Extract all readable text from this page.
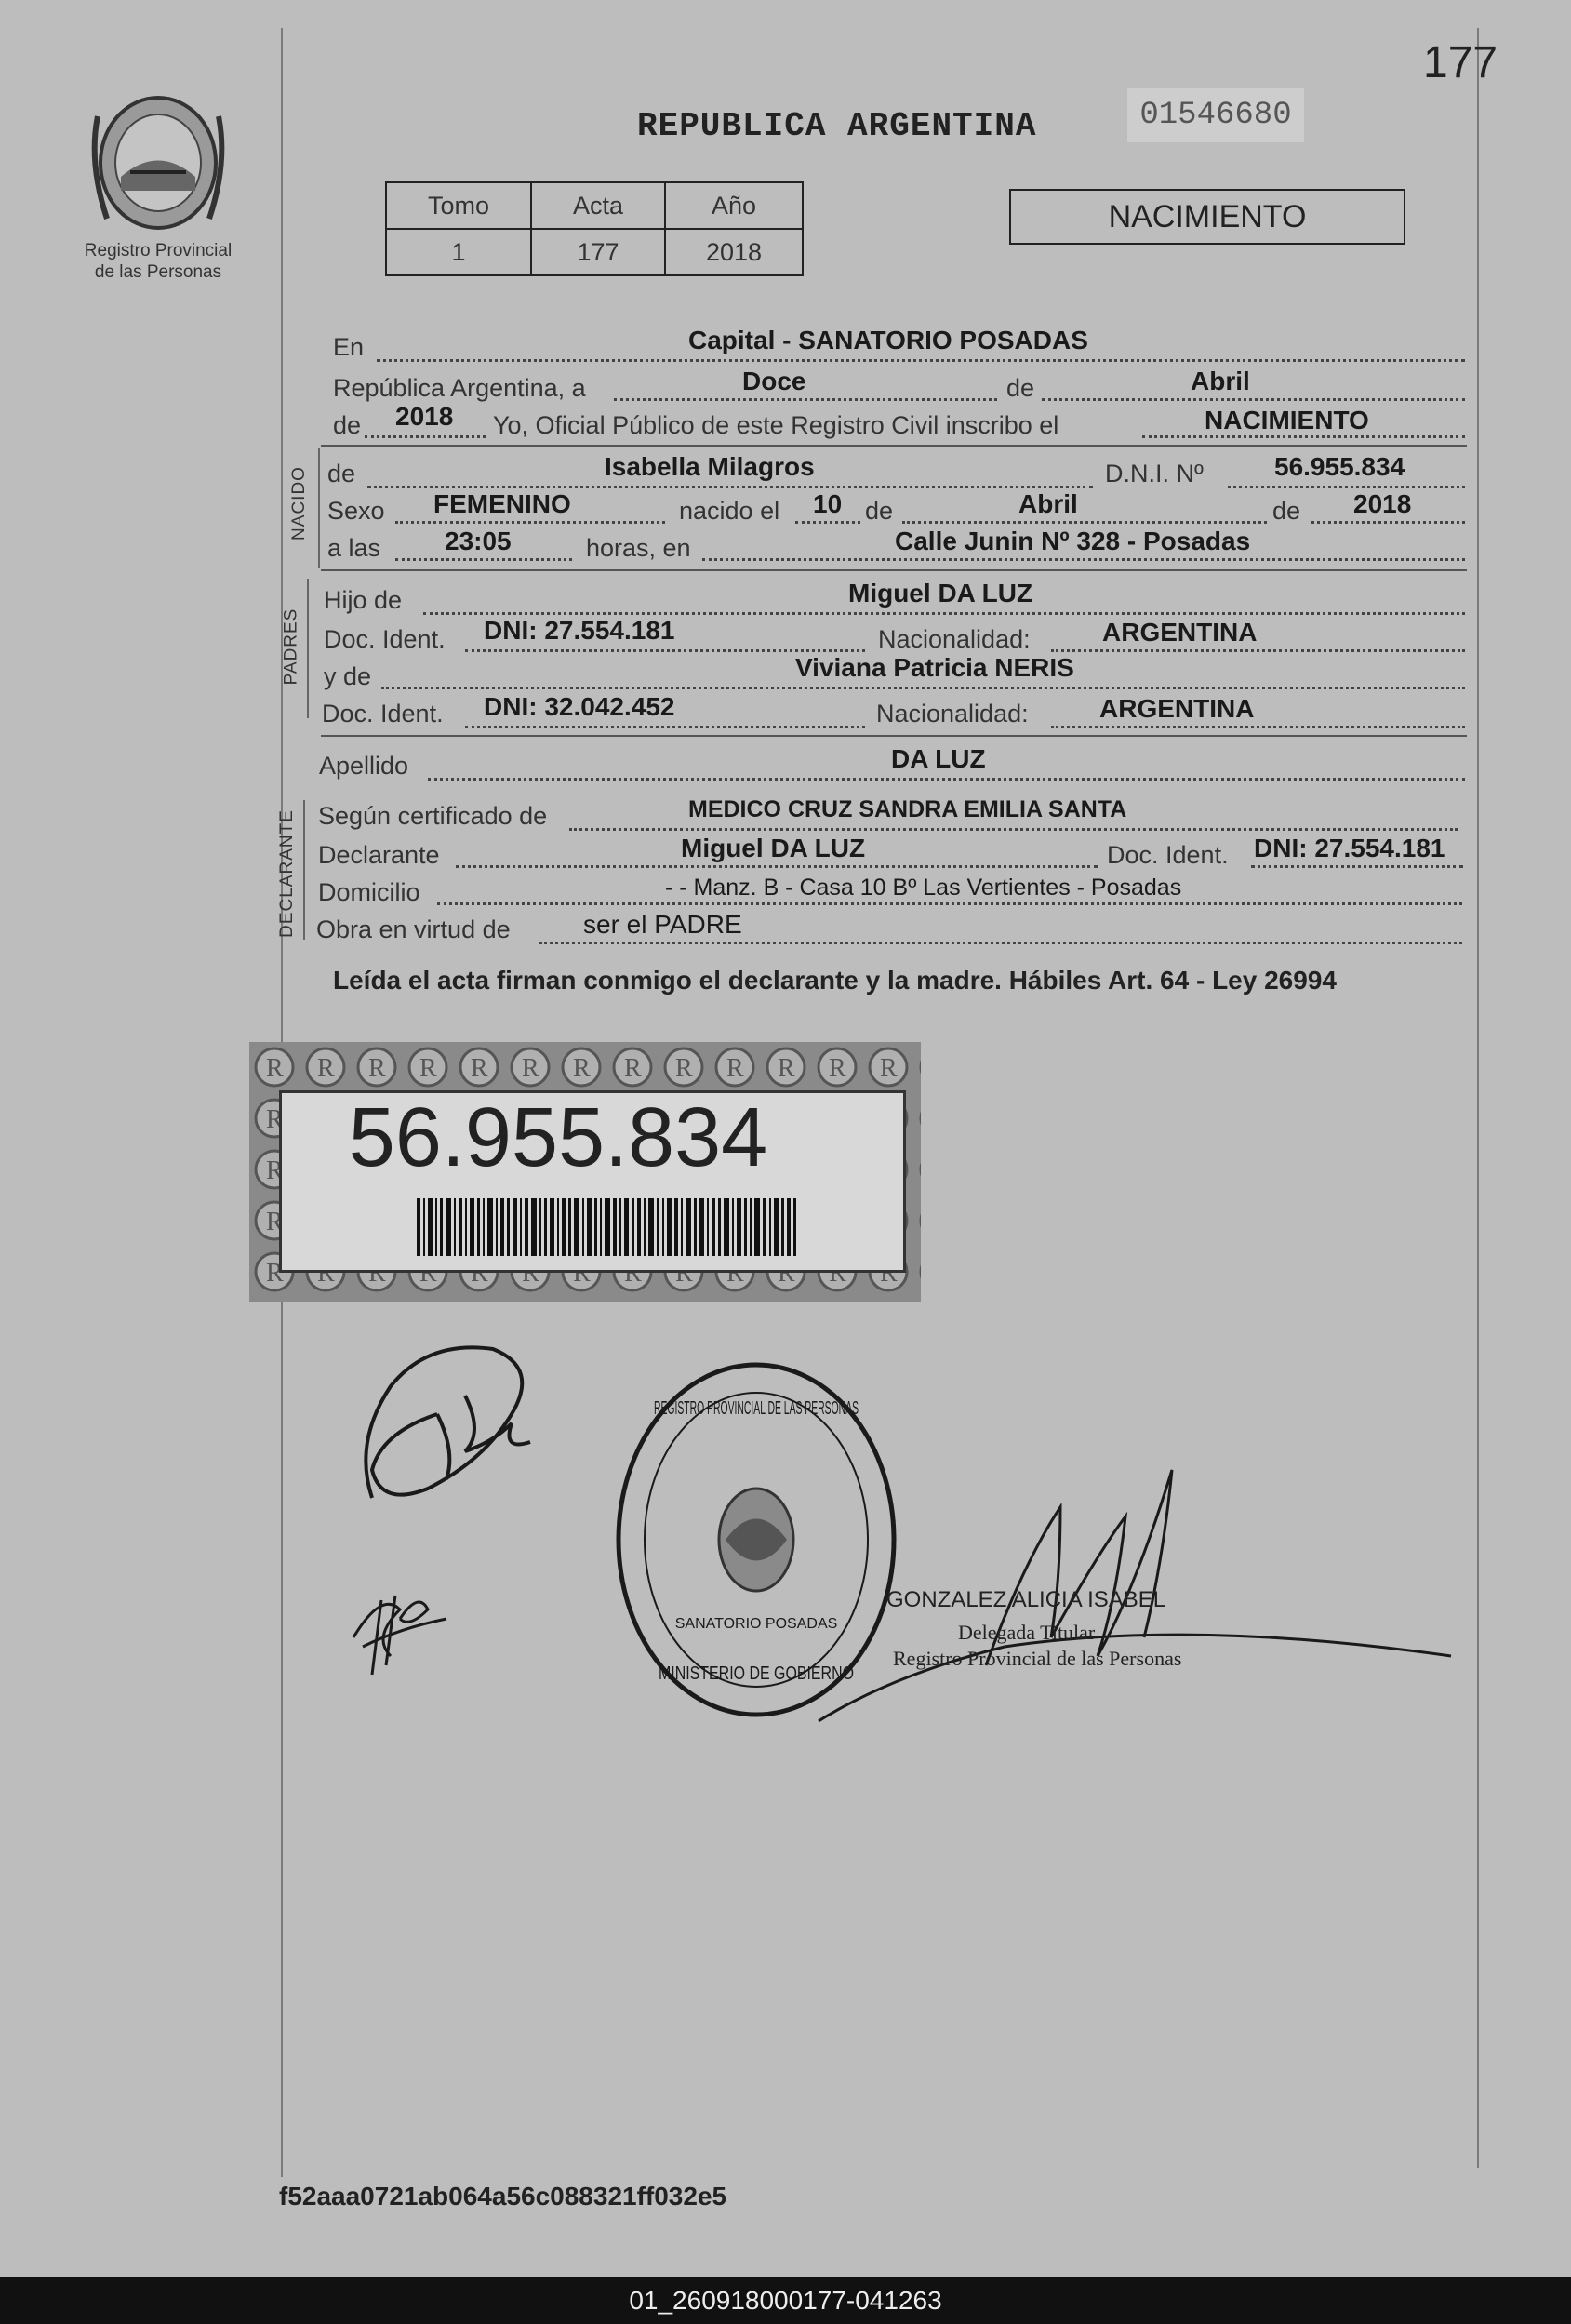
177
Registro Provincial
de las Personas
REPUBLICA ARGENTINA	01546680
Tomo	Acta	Año
1	177	2018
NACIMIENTO
En	Capital - SANATORIO POSADAS
República Argentina, a	Doce	de	Abril
de 2018 Yo, Oficial Público de este Registro Civil inscribo el	NACIMIENTO
NACIDO de	Isabella Milagros	D.N.I. Nº	56.955.834
Sexo FEMENINO	nacido el 10 de	Abril	de 2018
a las 23:05	horas, en	Calle Junin Nº 328 - Posadas
PADRES
Hijo de	Miguel DA LUZ
Doc. Ident. DNI: 27.554.181	Nacionalidad:	ARGENTINA
y de	Viviana Patricia NERIS
Doc. Ident. DNI: 32.042.452	Nacionalidad:	ARGENTINA
Apellido	DA LUZ
DECLARANTE Según certificado de	MEDICO CRUZ SANDRA EMILIA SANTA
Declarante	Miguel DA LUZ	Doc. Ident. DNI: 27.554.181
Domicilio	- - Manz. B - Casa 10 Bº Las Vertientes - Posadas
Obra en virtud de	ser el PADRE
Leída el acta firman conmigo el declarante y la madre. Hábiles Art. 64 - Ley 26994
56.955.834
REGISTRO PROVINCIAL DE LAS PERSONAS
SANATORIO POSADAS
MINISTERIO DE GOBIERNO
GONZALEZ ALICIA ISABEL
Delegada Titular
Registro Provincial de las Personas
f52aaa0721ab064a56c088321ff032e5
01_260918000177-041263
